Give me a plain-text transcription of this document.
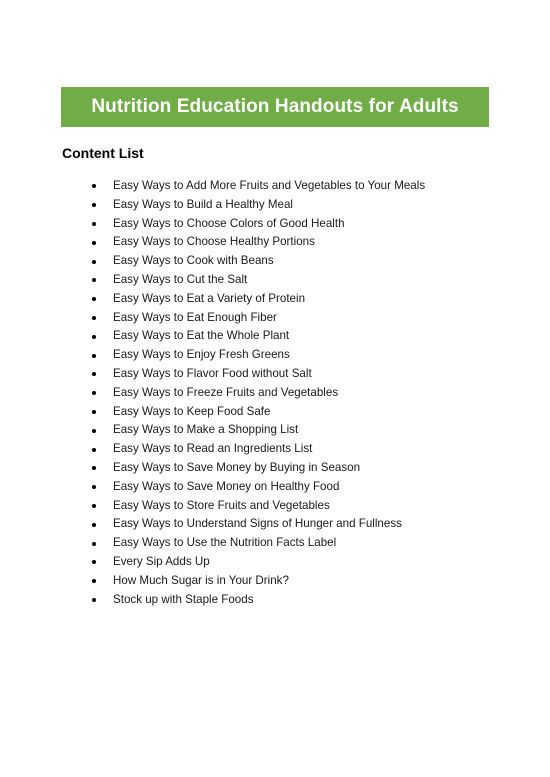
Nutrition Education Handouts for Adults
Content List
Easy Ways to Add More Fruits and Vegetables to Your Meals
Easy Ways to Build a Healthy Meal
Easy Ways to Choose Colors of Good Health
Easy Ways to Choose Healthy Portions
Easy Ways to Cook with Beans
Easy Ways to Cut the Salt
Easy Ways to Eat a Variety of Protein
Easy Ways to Eat Enough Fiber
Easy Ways to Eat the Whole Plant
Easy Ways to Enjoy Fresh Greens
Easy Ways to Flavor Food without Salt
Easy Ways to Freeze Fruits and Vegetables
Easy Ways to Keep Food Safe
Easy Ways to Make a Shopping List
Easy Ways to Read an Ingredients List
Easy Ways to Save Money by Buying in Season
Easy Ways to Save Money on Healthy Food
Easy Ways to Store Fruits and Vegetables
Easy Ways to Understand Signs of Hunger and Fullness
Easy Ways to Use the Nutrition Facts Label
Every Sip Adds Up
How Much Sugar is in Your Drink?
Stock up with Staple Foods
